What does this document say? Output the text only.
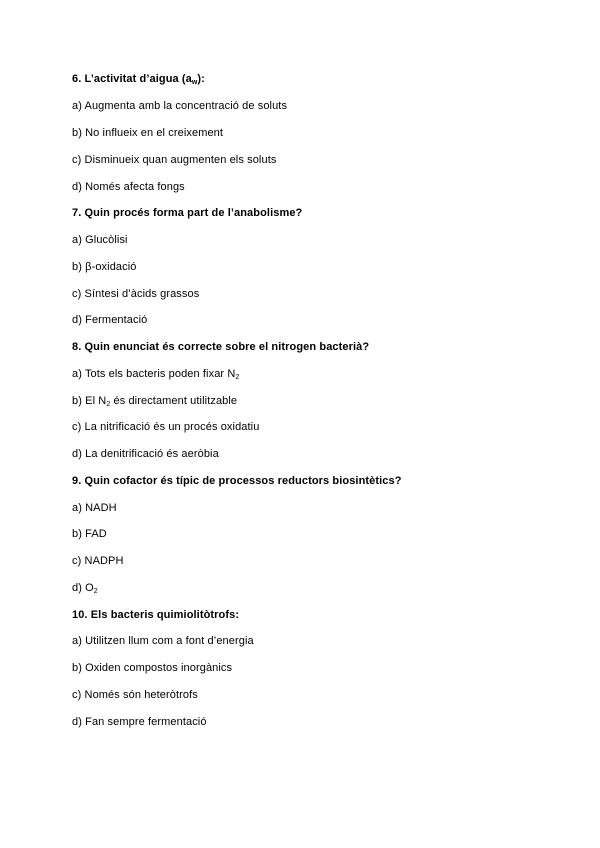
6. L’activitat d’aigua $(a_w)$:
a) Augmenta amb la concentració de soluts
b) No influeix en el creixement
c) Disminueix quan augmenten els soluts
d) Només afecta fongs
7. Quin procés forma part de l’anabolisme?
a) Glucòlisi
b) β-oxidació
c) Síntesi d’àcids grassos
d) Fermentació
8. Quin enunciat és correcte sobre el nitrogen bacterià?
a) Tots els bacteris poden fixar $N_2$
b) El $N_2$ és directament utilitzable
c) La nitrificació és un procés oxidatiu
d) La denitrificació és aeròbia
9. Quin cofactor és típic de processos reductors biosintètics?
a) NADH
b) FAD
c) NADPH
d) $O_2$
10. Els bacteris quimiolitòtrofs:
a) Utilitzen llum com a font d’energia
b) Oxiden compostos inorgànics
c) Només són heteròtrofs
d) Fan sempre fermentació
